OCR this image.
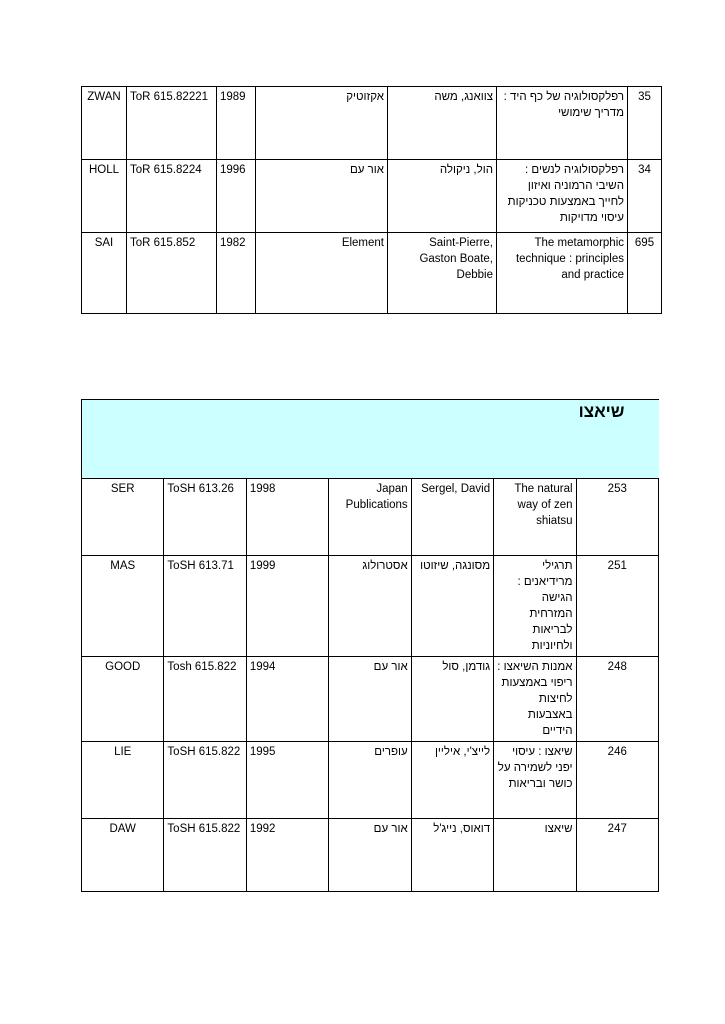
ZWAN	ToR 615.82221	1989	אקזוטיק	צוואנג, משה	רפלקסולוגיה של כף היד : מדריך שימושי	35
HOLL	ToR 615.8224	1996	אור עם	הול, ניקולה	רפלקסולוגיה לנשים : השיבי הרמוניה ואיזון לחייך באמצעות טכניקות עיסוי מדויקות	34
SAI	ToR 615.852	1982	Element	Saint-Pierre, Gaston Boate, Debbie	The metamorphic technique : principles and practice	695
שיאצו						
SER	ToSH 613.26	1998	Japan Publications	Sergel, David	The natural way of zen shiatsu	253
MAS	ToSH 613.71	1999	אסטרולוג	מסונגה, שיזוטו	תרגילי מרידיאנים : הגישה המזרחית לבריאות ולחיוניות	251
GOOD	Tosh 615.822	1994	אור עם	גודמן, סול	אמנות השיאצו : ריפוי באמצעות לחיצות באצבעות הידיים	248
LIE	ToSH 615.822	1995	עופרים	לייצ'י, איליין	שיאצו : עיסוי יפני לשמירה על כושר ובריאות	246
DAW	ToSH 615.822	1992	אור עם	דואוס, נייג'ל	שיאצו	247
